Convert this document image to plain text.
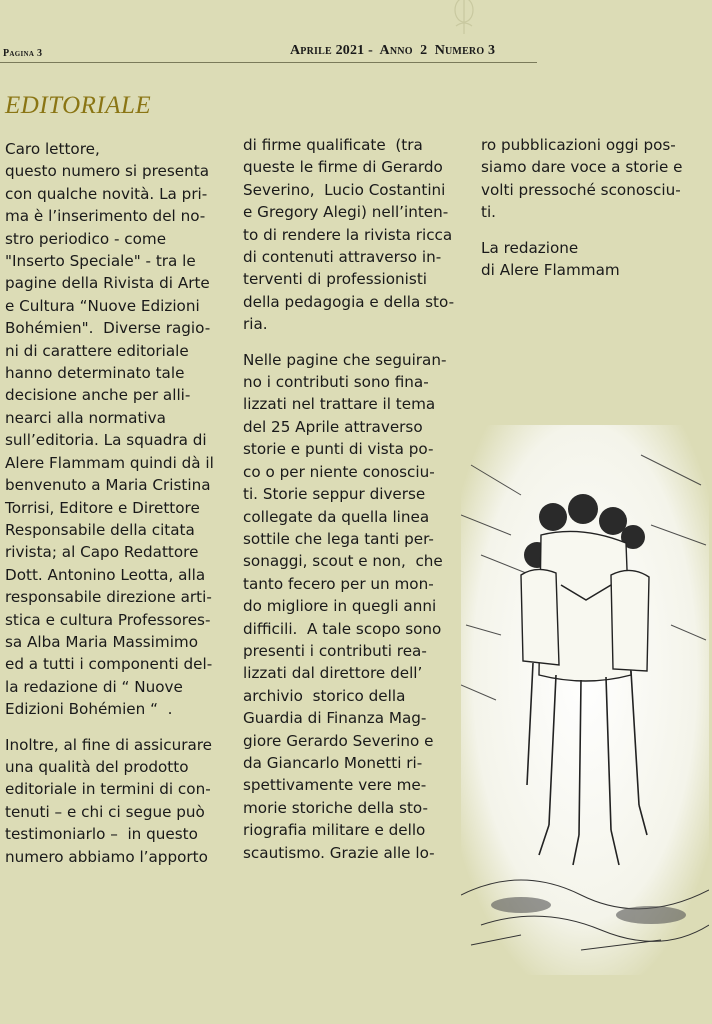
Pagina 3	Aprile 2021 -  Anno  2  Numero 3
EDITORIALE

Caro lettore,
questo numero si presenta
con qualche novità. La pri-
ma è l’inserimento del no-
stro periodico - come
"Inserto Speciale" - tra le
pagine della Rivista di Arte
e Cultura “Nuove Edizioni
Bohémien".  Diverse ragio-
ni di carattere editoriale
hanno determinato tale
decisione anche per alli-
nearci alla normativa
sull’editoria. La squadra di
Alere Flammam quindi dà il
benvenuto a Maria Cristina
Torrisi, Editore e Direttore
Responsabile della citata
rivista; al Capo Redattore
Dott. Antonino Leotta, alla
responsabile direzione arti-
stica e cultura Professores-
sa Alba Maria Massimimo
ed a tutti i componenti del-
la redazione di “ Nuove
Edizioni Bohémien “  .

Inoltre, al fine di assicurare
una qualità del prodotto
editoriale in termini di con-
tenuti – e chi ci segue può
testimoniarlo –  in questo
numero abbiamo l’apporto

di firme qualificate  (tra
queste le firme di Gerardo
Severino,  Lucio Costantini
e Gregory Alegi) nell’inten-
to di rendere la rivista ricca
di contenuti attraverso in-
terventi di professionisti
della pedagogia e della sto-
ria.

Nelle pagine che seguiran-
no i contributi sono fina-
lizzati nel trattare il tema
del 25 Aprile attraverso
storie e punti di vista po-
co o per niente conosciu-
ti. Storie seppur diverse
collegate da quella linea
sottile che lega tanti per-
sonaggi, scout e non,  che
tanto fecero per un mon-
do migliore in quegli anni
difficili.  A tale scopo sono
presenti i contributi rea-
lizzati dal direttore dell’
archivio  storico della
Guardia di Finanza Mag-
giore Gerardo Severino e
da Giancarlo Monetti ri-
spettivamente vere me-
morie storiche della sto-
riografia militare e dello
scautismo. Grazie alle lo-

ro pubblicazioni oggi pos-
siamo dare voce a storie e
volti pressoché sconosciu-
ti.

La redazione
di Alere Flammam
